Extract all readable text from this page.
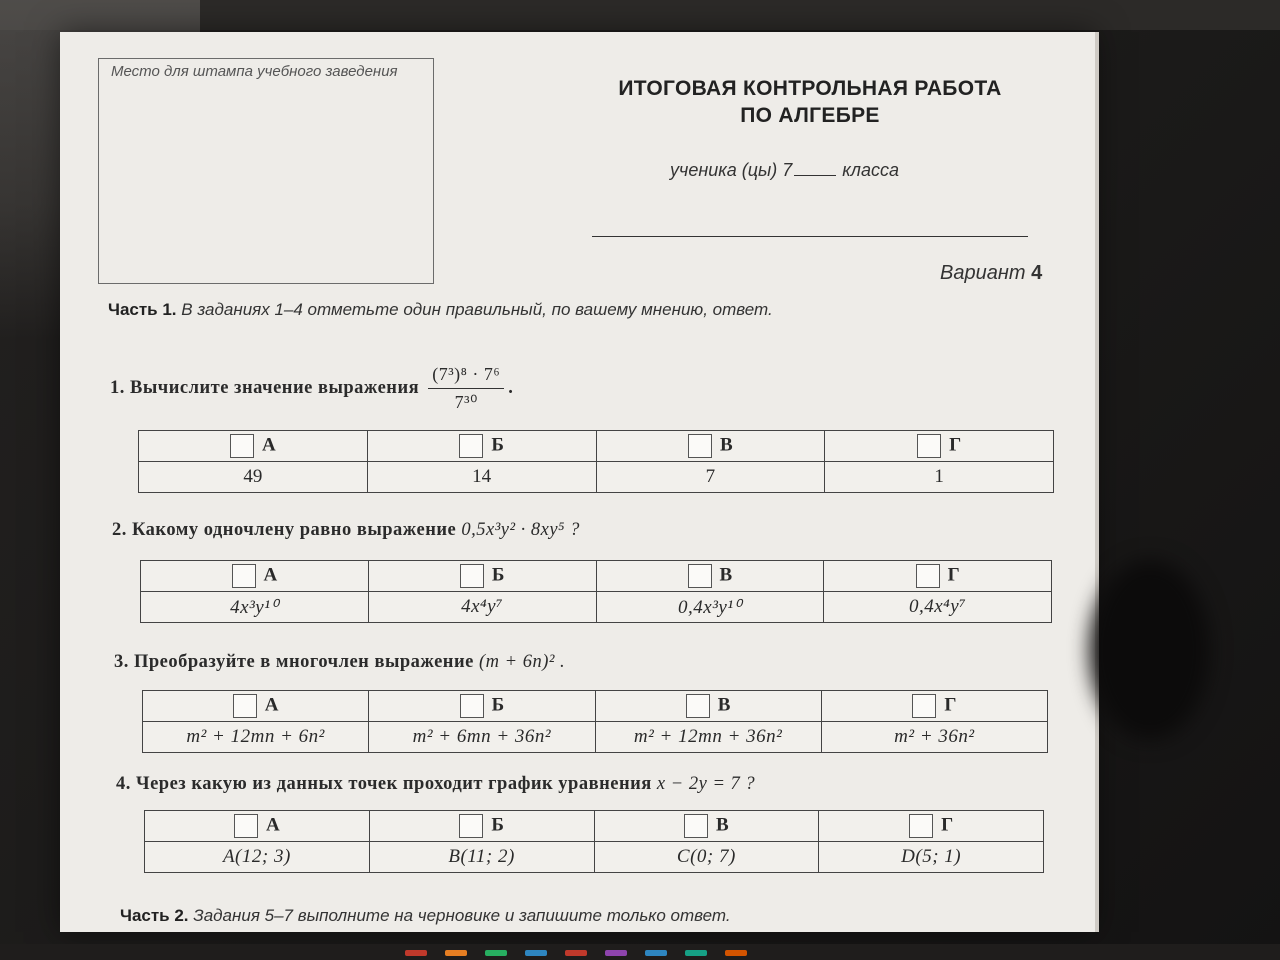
Место для штампа учебного заведения
ИТОГОВАЯ КОНТРОЛЬНАЯ РАБОТА
ПО АЛГЕБРЕ
ученика (цы) 7	класса
Вариант 4
Часть 1. В заданиях 1–4 отметьте один правильный, по вашему мнению, ответ.
1. Вычислите значение выражения $\frac{\text{(7³)⁸ · 7⁶}}{\text{7³⁰}}$ .
А	Б	В	Г
49	14	7	1
2. Какому одночлену равно выражение 0,5x³y² · 8xy⁵ ?
А	Б	В	Г
4x³y¹⁰	4x⁴y⁷	0,4x³y¹⁰	0,4x⁴y⁷
3. Преобразуйте в многочлен выражение (m + 6n)² .
А	Б	В	Г
m² + 12mn + 6n²	m² + 6mn + 36n²	m² + 12mn + 36n²	m² + 36n²
4. Через какую из данных точек проходит график уравнения x − 2y = 7 ?
А	Б	В	Г
A(12; 3)	B(11; 2)	C(0; 7)	D(5; 1)
Часть 2. Задания 5–7 выполните на черновике и запишите только ответ.
